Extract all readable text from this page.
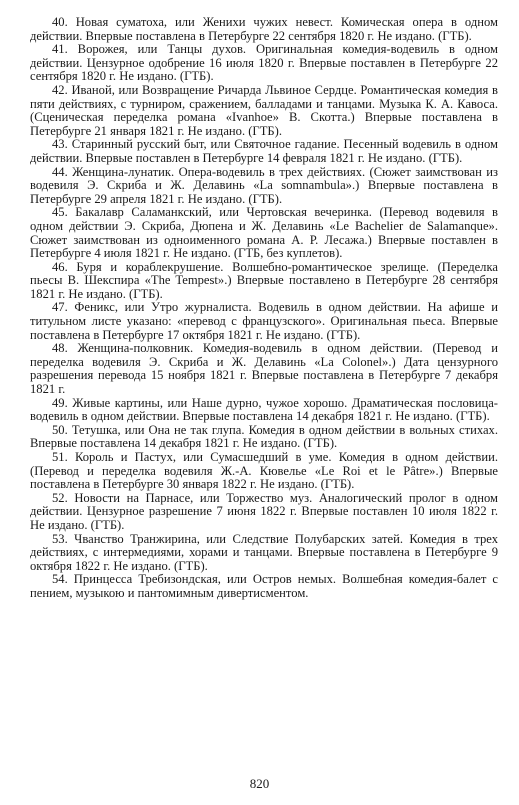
40. Новая суматоха, или Женихи чужих невест. Комическая опера в одном действии. Впервые поставлена в Петербурге 22 сентября 1820 г. Не издано. (ГТБ).

41. Ворожея, или Танцы духов. Оригинальная комедия-водевиль в одном действии. Цензурное одобрение 16 июля 1820 г. Впервые поставлен в Петербурге 22 сентября 1820 г. Не издано. (ГТБ).

42. Иваной, или Возвращение Ричарда Львиное Сердце. Романтическая комедия в пяти действиях, с турниром, сражением, балладами и танцами. Музыка К. А. Кавоса. (Сценическая переделка романа «Ivanhoe» В. Скотта.) Впервые поставлена в Петербурге 21 января 1821 г. Не издано. (ГТБ).

43. Старинный русский быт, или Святочное гадание. Песенный водевиль в одном действии. Впервые поставлен в Петербурге 14 февраля 1821 г. Не издано. (ГТБ).

44. Женщина-лунатик. Опера-водевиль в трех действиях. (Сюжет заимствован из водевиля Э. Скриба и Ж. Делавинь «La somnambula».) Впервые поставлена в Петербурге 29 апреля 1821 г. Не издано. (ГТБ).

45. Бакалавр Саламанкский, или Чертовская вечеринка. (Перевод водевиля в одном действии Э. Скриба, Дюпена и Ж. Делавинь «Le Bachelier de Salamanque». Сюжет заимствован из одноименного романа А. Р. Лесажа.) Впервые поставлен в Петербурге 4 июля 1821 г. Не издано. (ГТБ, без куплетов).

46. Буря и кораблекрушение. Волшебно-романтическое зрелище. (Переделка пьесы В. Шекспира «The Tempest».) Впервые поставлено в Петербурге 28 сентября 1821 г. Не издано. (ГТБ).

47. Феникс, или Утро журналиста. Водевиль в одном действии. На афише и титульном листе указано: «перевод с французского». Оригинальная пьеса. Впервые поставлена в Петербурге 17 октября 1821 г. Не издано. (ГТБ).

48. Женщина-полковник. Комедия-водевиль в одном действии. (Перевод и переделка водевиля Э. Скриба и Ж. Делавинь «La Colonel».) Дата цензурного разрешения перевода 15 ноября 1821 г. Впервые поставлена в Петербурге 7 декабря 1821 г.

49. Живые картины, или Наше дурно, чужое хорошо. Драматическая пословица-водевиль в одном действии. Впервые поставлена 14 декабря 1821 г. Не издано. (ГТБ).

50. Тетушка, или Она не так глупа. Комедия в одном действии в вольных стихах. Впервые поставлена 14 декабря 1821 г. Не издано. (ГТБ).

51. Король и Пастух, или Сумасшедший в уме. Комедия в одном действии. (Перевод и переделка водевиля Ж.-А. Кювелье «Le Roi et le Pâtre».) Впервые поставлена в Петербурге 30 января 1822 г. Не издано. (ГТБ).

52. Новости на Парнасе, или Торжество муз. Аналогический пролог в одном действии. Цензурное разрешение 7 июня 1822 г. Впервые поставлен 10 июля 1822 г. Не издано. (ГТБ).

53. Чванство Транжирина, или Следствие Полубарских затей. Комедия в трех действиях, с интермедиями, хорами и танцами. Впервые поставлена в Петербурге 9 октября 1822 г. Не издано. (ГТБ).

54. Принцесса Требизондская, или Остров немых. Волшебная комедия-балет с пением, музыкою и пантомимным дивертисментом.

820
